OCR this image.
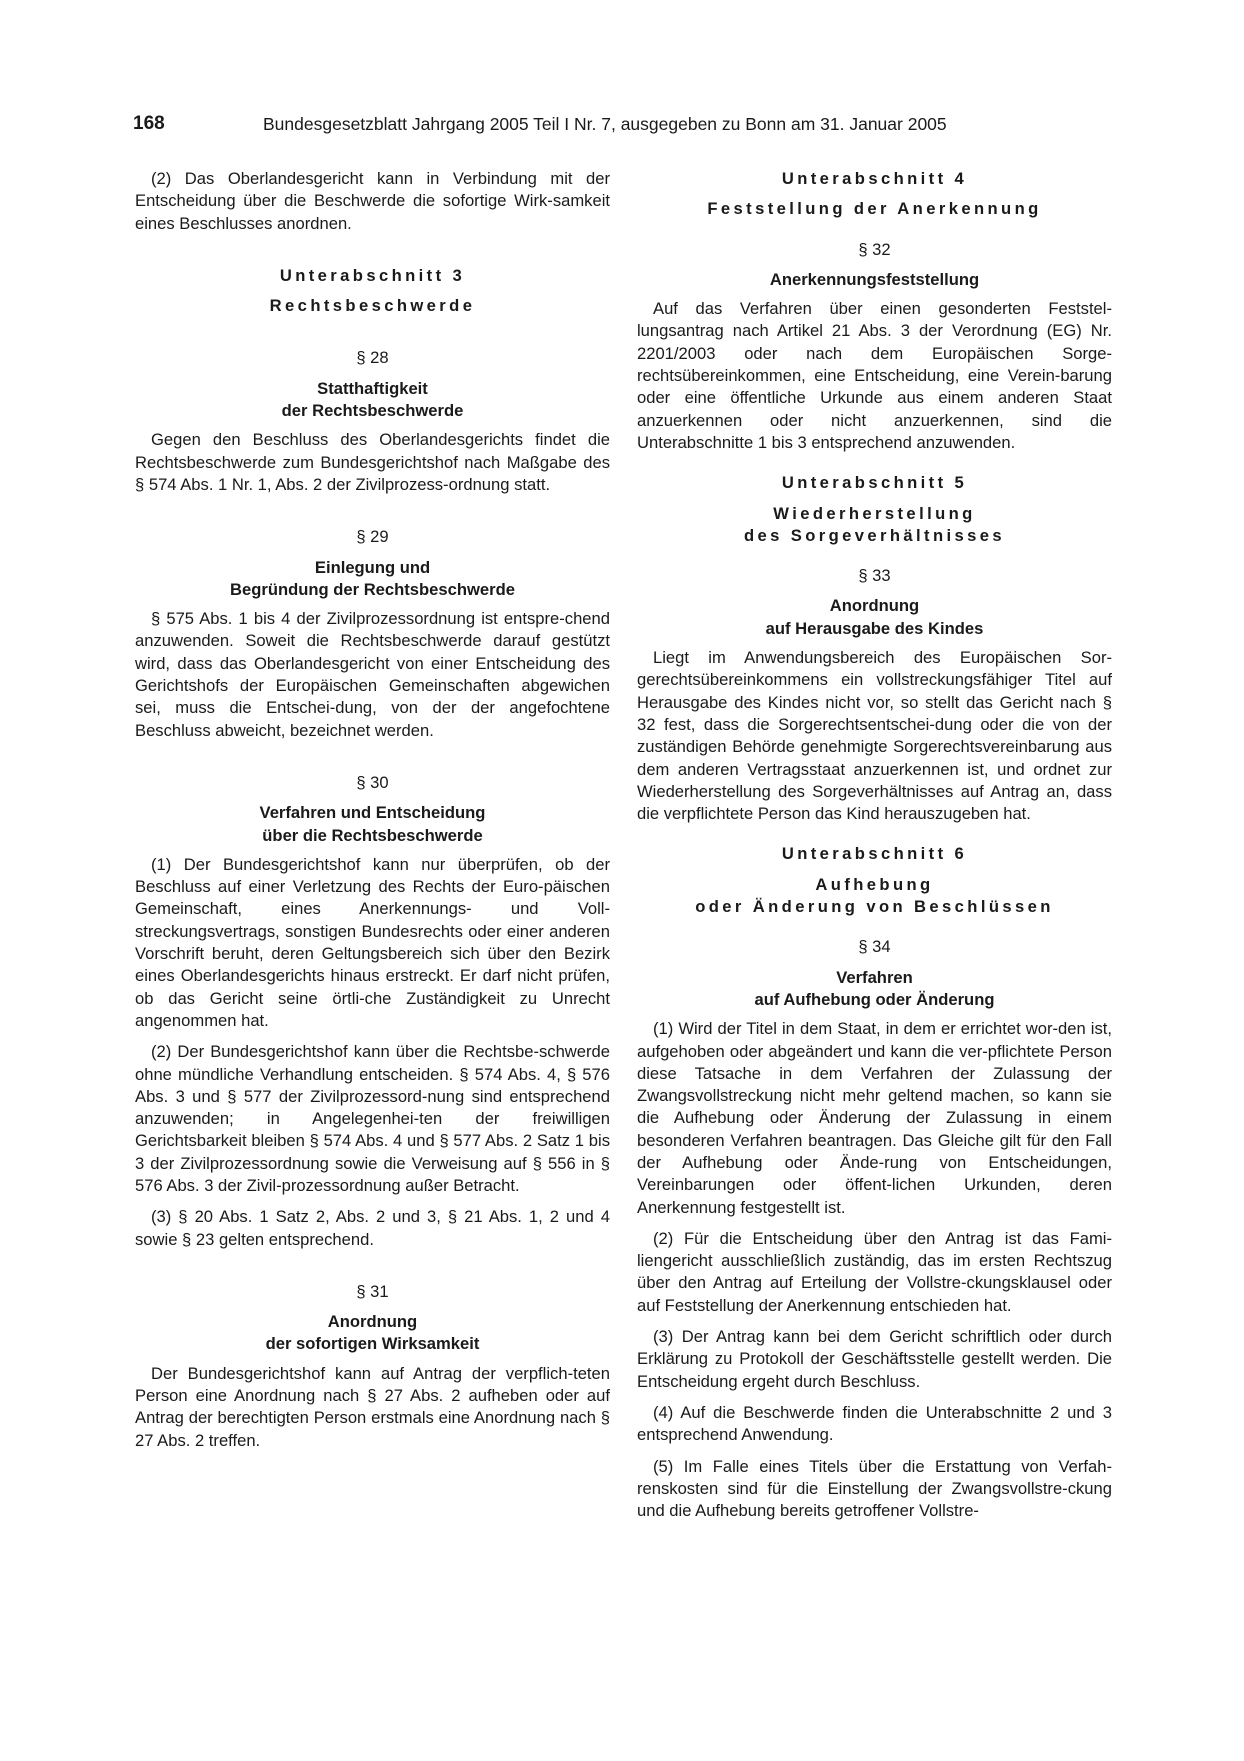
168	Bundesgesetzblatt Jahrgang 2005 Teil I Nr. 7, ausgegeben zu Bonn am 31. Januar 2005

(2) Das Oberlandesgericht kann in Verbindung mit der Entscheidung über die Beschwerde die sofortige Wirk-samkeit eines Beschlusses anordnen.

Unterabschnitt 3

Rechtsbeschwerde

§ 28

Statthaftigkeit

der Rechtsbeschwerde

Gegen den Beschluss des Oberlandesgerichts findet die Rechtsbeschwerde zum Bundesgerichtshof nach Maßgabe des § 574 Abs. 1 Nr. 1, Abs. 2 der Zivilprozess-ordnung statt.

§ 29

Einlegung und

Begründung der Rechtsbeschwerde

§ 575 Abs. 1 bis 4 der Zivilprozessordnung ist entspre-chend anzuwenden. Soweit die Rechtsbeschwerde darauf gestützt wird, dass das Oberlandesgericht von einer Entscheidung des Gerichtshofs der Europäischen Gemeinschaften abgewichen sei, muss die Entschei-dung, von der der angefochtene Beschluss abweicht, bezeichnet werden.

§ 30

Verfahren und Entscheidung

über die Rechtsbeschwerde

(1) Der Bundesgerichtshof kann nur überprüfen, ob der Beschluss auf einer Verletzung des Rechts der Euro-päischen Gemeinschaft, eines Anerkennungs- und Voll-streckungsvertrags, sonstigen Bundesrechts oder einer anderen Vorschrift beruht, deren Geltungsbereich sich über den Bezirk eines Oberlandesgerichts hinaus erstreckt. Er darf nicht prüfen, ob das Gericht seine örtli-che Zuständigkeit zu Unrecht angenommen hat.

(2) Der Bundesgerichtshof kann über die Rechtsbe-schwerde ohne mündliche Verhandlung entscheiden. § 574 Abs. 4, § 576 Abs. 3 und § 577 der Zivilprozessord-nung sind entsprechend anzuwenden; in Angelegenhei-ten der freiwilligen Gerichtsbarkeit bleiben § 574 Abs. 4 und § 577 Abs. 2 Satz 1 bis 3 der Zivilprozessordnung sowie die Verweisung auf § 556 in § 576 Abs. 3 der Zivil-prozessordnung außer Betracht.

(3) § 20 Abs. 1 Satz 2, Abs. 2 und 3, § 21 Abs. 1, 2 und 4 sowie § 23 gelten entsprechend.

§ 31

Anordnung

der sofortigen Wirksamkeit

Der Bundesgerichtshof kann auf Antrag der verpflich-teten Person eine Anordnung nach § 27 Abs. 2 aufheben oder auf Antrag der berechtigten Person erstmals eine Anordnung nach § 27 Abs. 2 treffen.

Unterabschnitt 4

Feststellung der Anerkennung

§ 32

Anerkennungsfeststellung

Auf das Verfahren über einen gesonderten Feststel-lungsantrag nach Artikel 21 Abs. 3 der Verordnung (EG) Nr. 2201/2003 oder nach dem Europäischen Sorge-rechtsübereinkommen, eine Entscheidung, eine Verein-barung oder eine öffentliche Urkunde aus einem anderen Staat anzuerkennen oder nicht anzuerkennen, sind die Unterabschnitte 1 bis 3 entsprechend anzuwenden.

Unterabschnitt 5

Wiederherstellung

des Sorgeverhältnisses

§ 33

Anordnung

auf Herausgabe des Kindes

Liegt im Anwendungsbereich des Europäischen Sor-gerechtsübereinkommens ein vollstreckungsfähiger Titel auf Herausgabe des Kindes nicht vor, so stellt das Gericht nach § 32 fest, dass die Sorgerechtsentschei-dung oder die von der zuständigen Behörde genehmigte Sorgerechtsvereinbarung aus dem anderen Vertragsstaat anzuerkennen ist, und ordnet zur Wiederherstellung des Sorgeverhältnisses auf Antrag an, dass die verpflichtete Person das Kind herauszugeben hat.

Unterabschnitt 6

Aufhebung

oder Änderung von Beschlüssen

§ 34

Verfahren

auf Aufhebung oder Änderung

(1) Wird der Titel in dem Staat, in dem er errichtet wor-den ist, aufgehoben oder abgeändert und kann die ver-pflichtete Person diese Tatsache in dem Verfahren der Zulassung der Zwangsvollstreckung nicht mehr geltend machen, so kann sie die Aufhebung oder Änderung der Zulassung in einem besonderen Verfahren beantragen. Das Gleiche gilt für den Fall der Aufhebung oder Ände-rung von Entscheidungen, Vereinbarungen oder öffent-lichen Urkunden, deren Anerkennung festgestellt ist.

(2) Für die Entscheidung über den Antrag ist das Fami-liengericht ausschließlich zuständig, das im ersten Rechtszug über den Antrag auf Erteilung der Vollstre-ckungsklausel oder auf Feststellung der Anerkennung entschieden hat.

(3) Der Antrag kann bei dem Gericht schriftlich oder durch Erklärung zu Protokoll der Geschäftsstelle gestellt werden. Die Entscheidung ergeht durch Beschluss.

(4) Auf die Beschwerde finden die Unterabschnitte 2 und 3 entsprechend Anwendung.

(5) Im Falle eines Titels über die Erstattung von Verfah-renskosten sind für die Einstellung der Zwangsvollstre-ckung und die Aufhebung bereits getroffener Vollstre-
